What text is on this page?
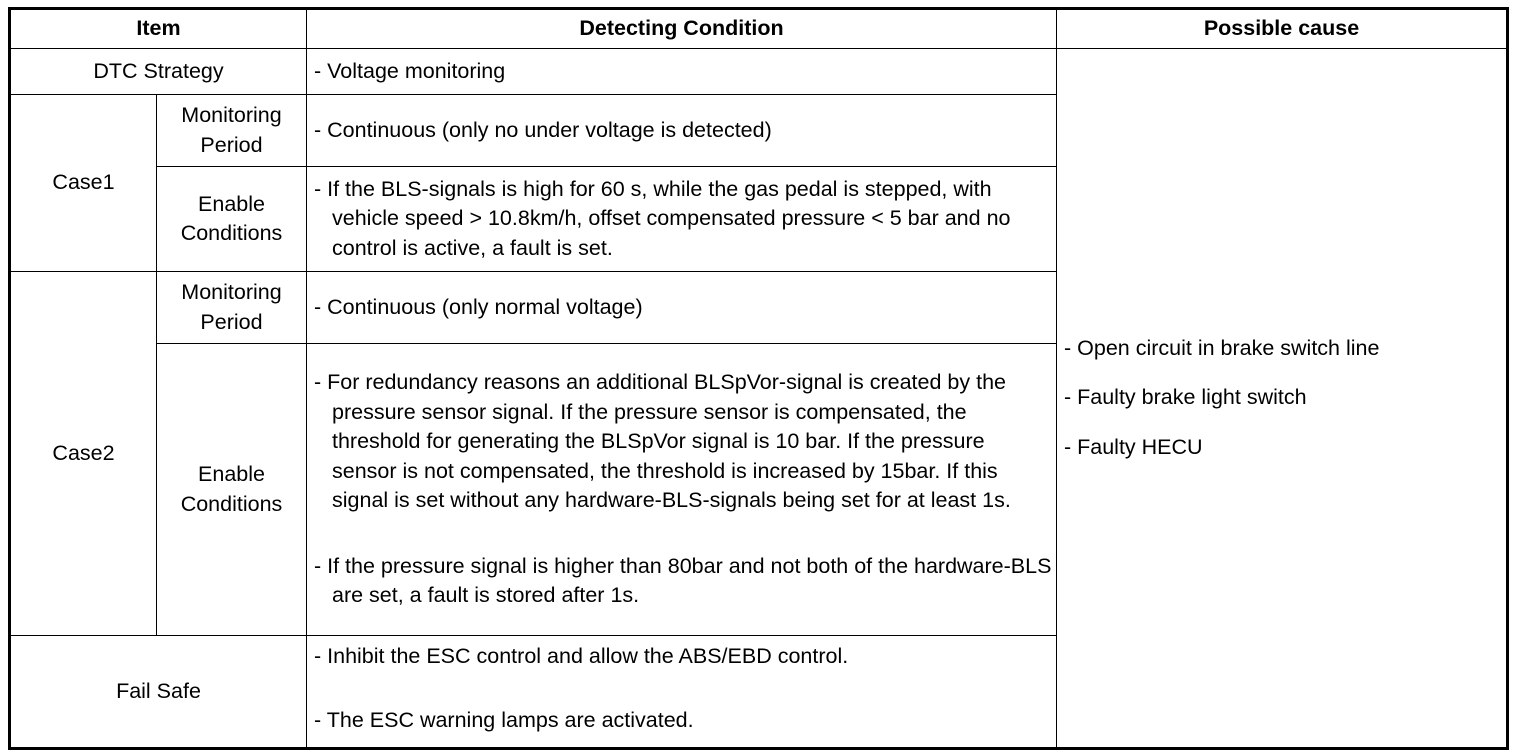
Item		Detecting Condition	Possible cause
DTC Strategy		- Voltage monitoring	- Open circuit in brake switch line
- Faulty brake light switch
- Faulty HECU

Case1	Monitoring Period	- Continuous (only no under voltage is detected)	

	Enable Conditions	- If the BLS-signals is high for 60 s, while the gas pedal is stepped, with vehicle speed > 10.8km/h, offset compensated pressure < 5 bar and no control is active, a fault is set.	

Case2	Monitoring Period	- Continuous (only normal voltage)	

	Enable Conditions	- For redundancy reasons an additional BLSpVor-signal is created by the pressure sensor signal. If the pressure sensor is compensated, the threshold for generating the BLSpVor signal is 10 bar. If the pressure sensor is not compensated, the threshold is increased by 15bar. If this signal is set without any hardware-BLS-signals being set for at least 1s.
- If the pressure signal is higher than 80bar and not both of the hardware-BLS are set, a fault is stored after 1s.	

Fail Safe		- Inhibit the ESC control and allow the ABS/EBD control.
- The ESC warning lamps are activated.	
